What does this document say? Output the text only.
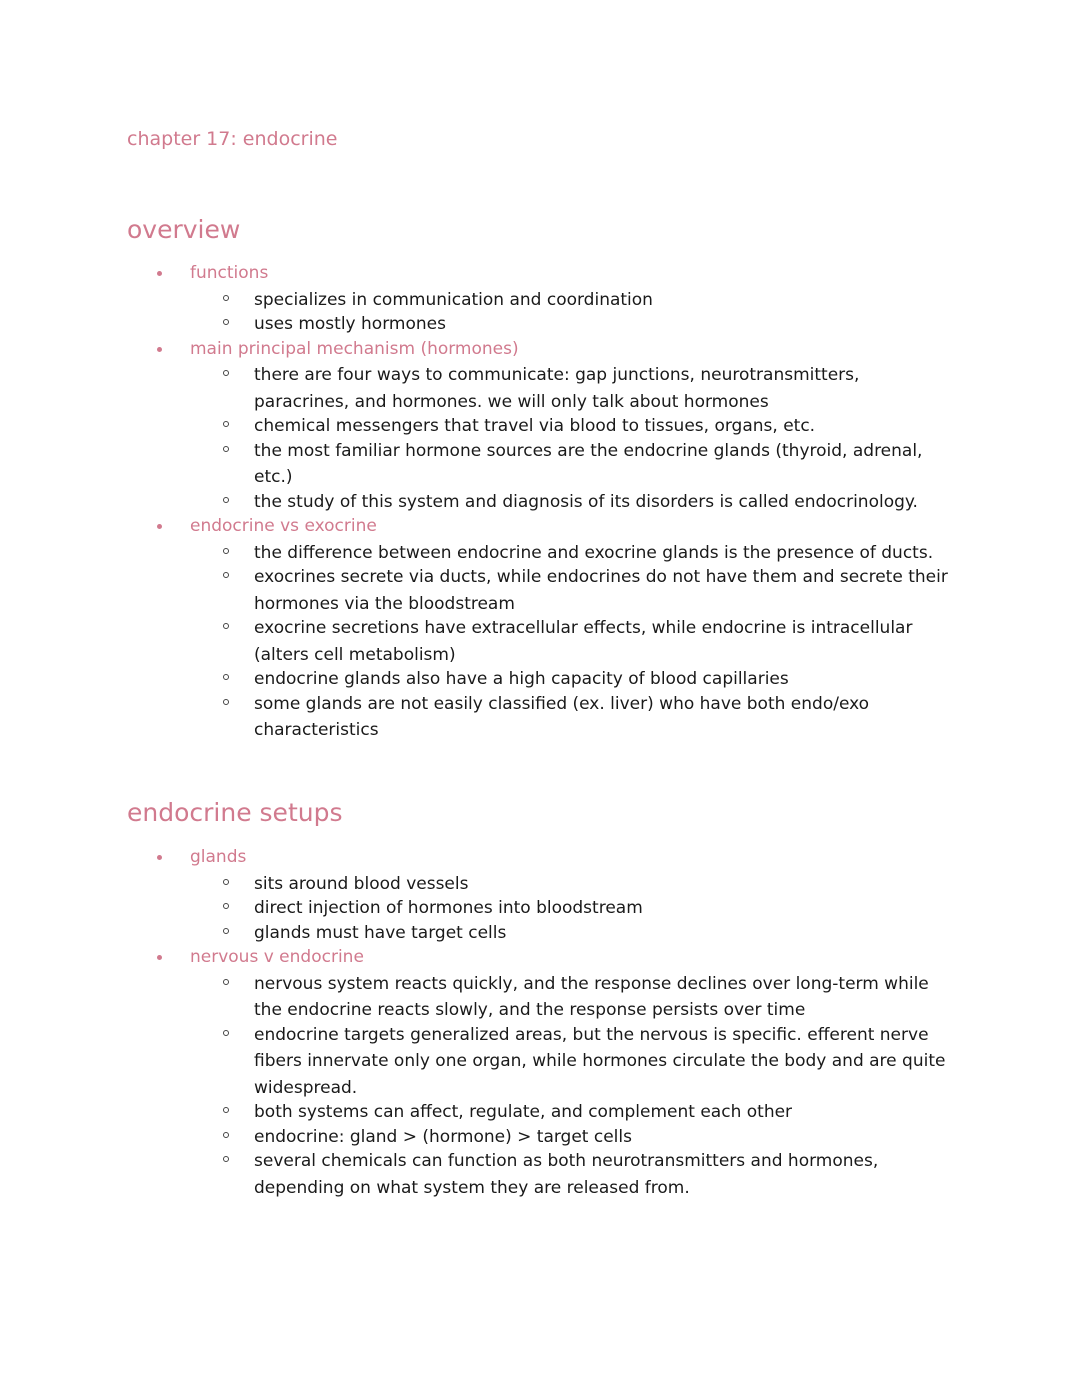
chapter 17: endocrine
overview
functions
specializes in communication and coordination
uses mostly hormones
main principal mechanism (hormones)
there are four ways to communicate: gap junctions, neurotransmitters, paracrines, and hormones. we will only talk about hormones
chemical messengers that travel via blood to tissues, organs, etc.
the most familiar hormone sources are the endocrine glands (thyroid, adrenal, etc.)
the study of this system and diagnosis of its disorders is called endocrinology.
endocrine vs exocrine
the difference between endocrine and exocrine glands is the presence of ducts.
exocrines secrete via ducts, while endocrines do not have them and secrete their hormones via the bloodstream
exocrine secretions have extracellular effects, while endocrine is intracellular (alters cell metabolism)
endocrine glands also have a high capacity of blood capillaries
some glands are not easily classified (ex. liver) who have both endo/exo characteristics
endocrine setups
glands
sits around blood vessels
direct injection of hormones into bloodstream
glands must have target cells
nervous v endocrine
nervous system reacts quickly, and the response declines over long-term while the endocrine reacts slowly, and the response persists over time
endocrine targets generalized areas, but the nervous is specific. efferent nerve fibers innervate only one organ, while hormones circulate the body and are quite widespread.
both systems can affect, regulate, and complement each other
endocrine: gland > (hormone) > target cells
several chemicals can function as both neurotransmitters and hormones, depending on what system they are released from.
